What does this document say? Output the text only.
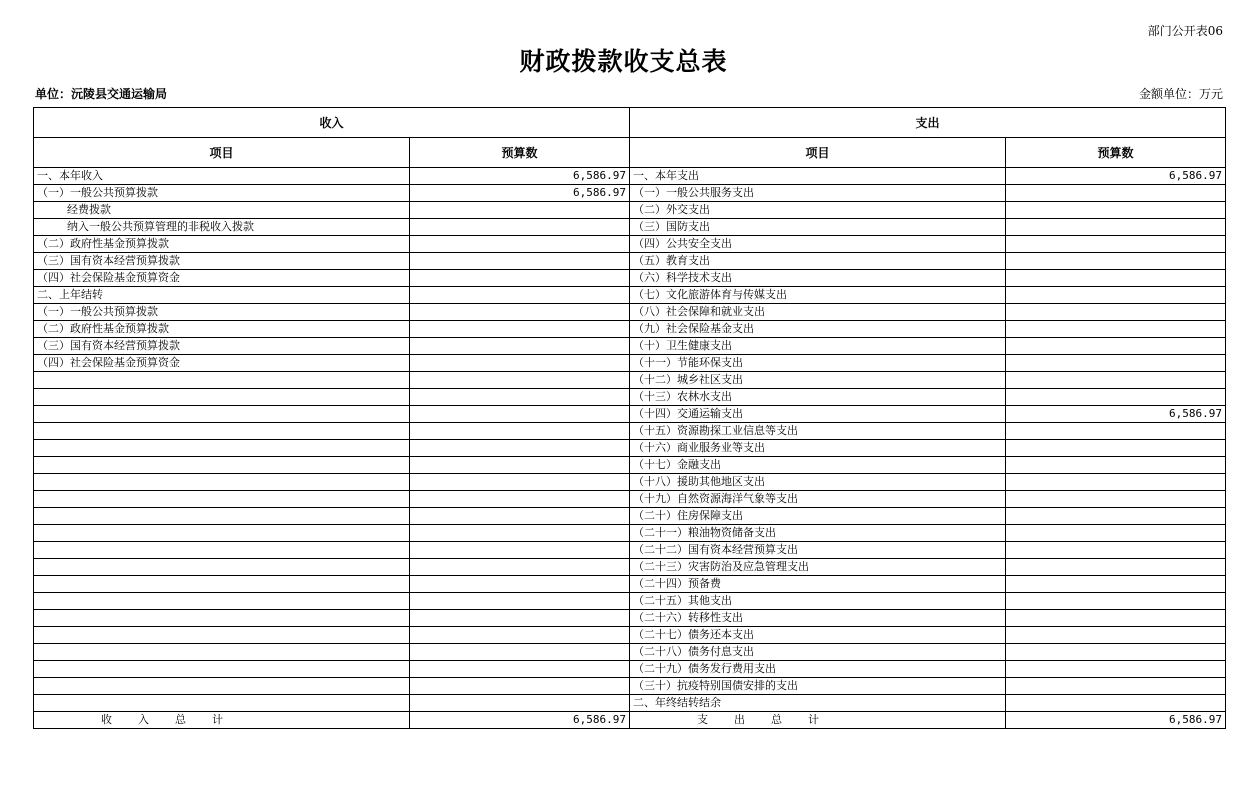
部门公开表06
财政拨款收支总表
单位：沅陵县交通运输局	金额单位：万元
收入		支出	
项目	预算数	项目	预算数
一、本年收入	6,586.97	一、本年支出	6,586.97
（一）一般公共预算拨款	6,586.97	（一）一般公共服务支出	
经费拨款		（二）外交支出	
纳入一般公共预算管理的非税收入拨款		（三）国防支出	
（二）政府性基金预算拨款		（四）公共安全支出	
（三）国有资本经营预算拨款		（五）教育支出	
（四）社会保险基金预算资金		（六）科学技术支出	
二、上年结转		（七）文化旅游体育与传媒支出	
（一）一般公共预算拨款		（八）社会保障和就业支出	
（二）政府性基金预算拨款		（九）社会保险基金支出	
（三）国有资本经营预算拨款		（十）卫生健康支出	
（四）社会保险基金预算资金		（十一）节能环保支出	
		（十二）城乡社区支出	
		（十三）农林水支出	
		（十四）交通运输支出	6,586.97
		（十五）资源勘探工业信息等支出	
		（十六）商业服务业等支出	
		（十七）金融支出	
		（十八）援助其他地区支出	
		（十九）自然资源海洋气象等支出	
		（二十）住房保障支出	
		（二十一）粮油物资储备支出	
		（二十二）国有资本经营预算支出	
		（二十三）灾害防治及应急管理支出	
		（二十四）预备费	
		（二十五）其他支出	
		（二十六）转移性支出	
		（二十七）债务还本支出	
		（二十八）债务付息支出	
		（二十九）债务发行费用支出	
		（三十）抗疫特别国债安排的支出	
		二、年终结转结余	
收入总计	6,586.97	支出总计	6,586.97
